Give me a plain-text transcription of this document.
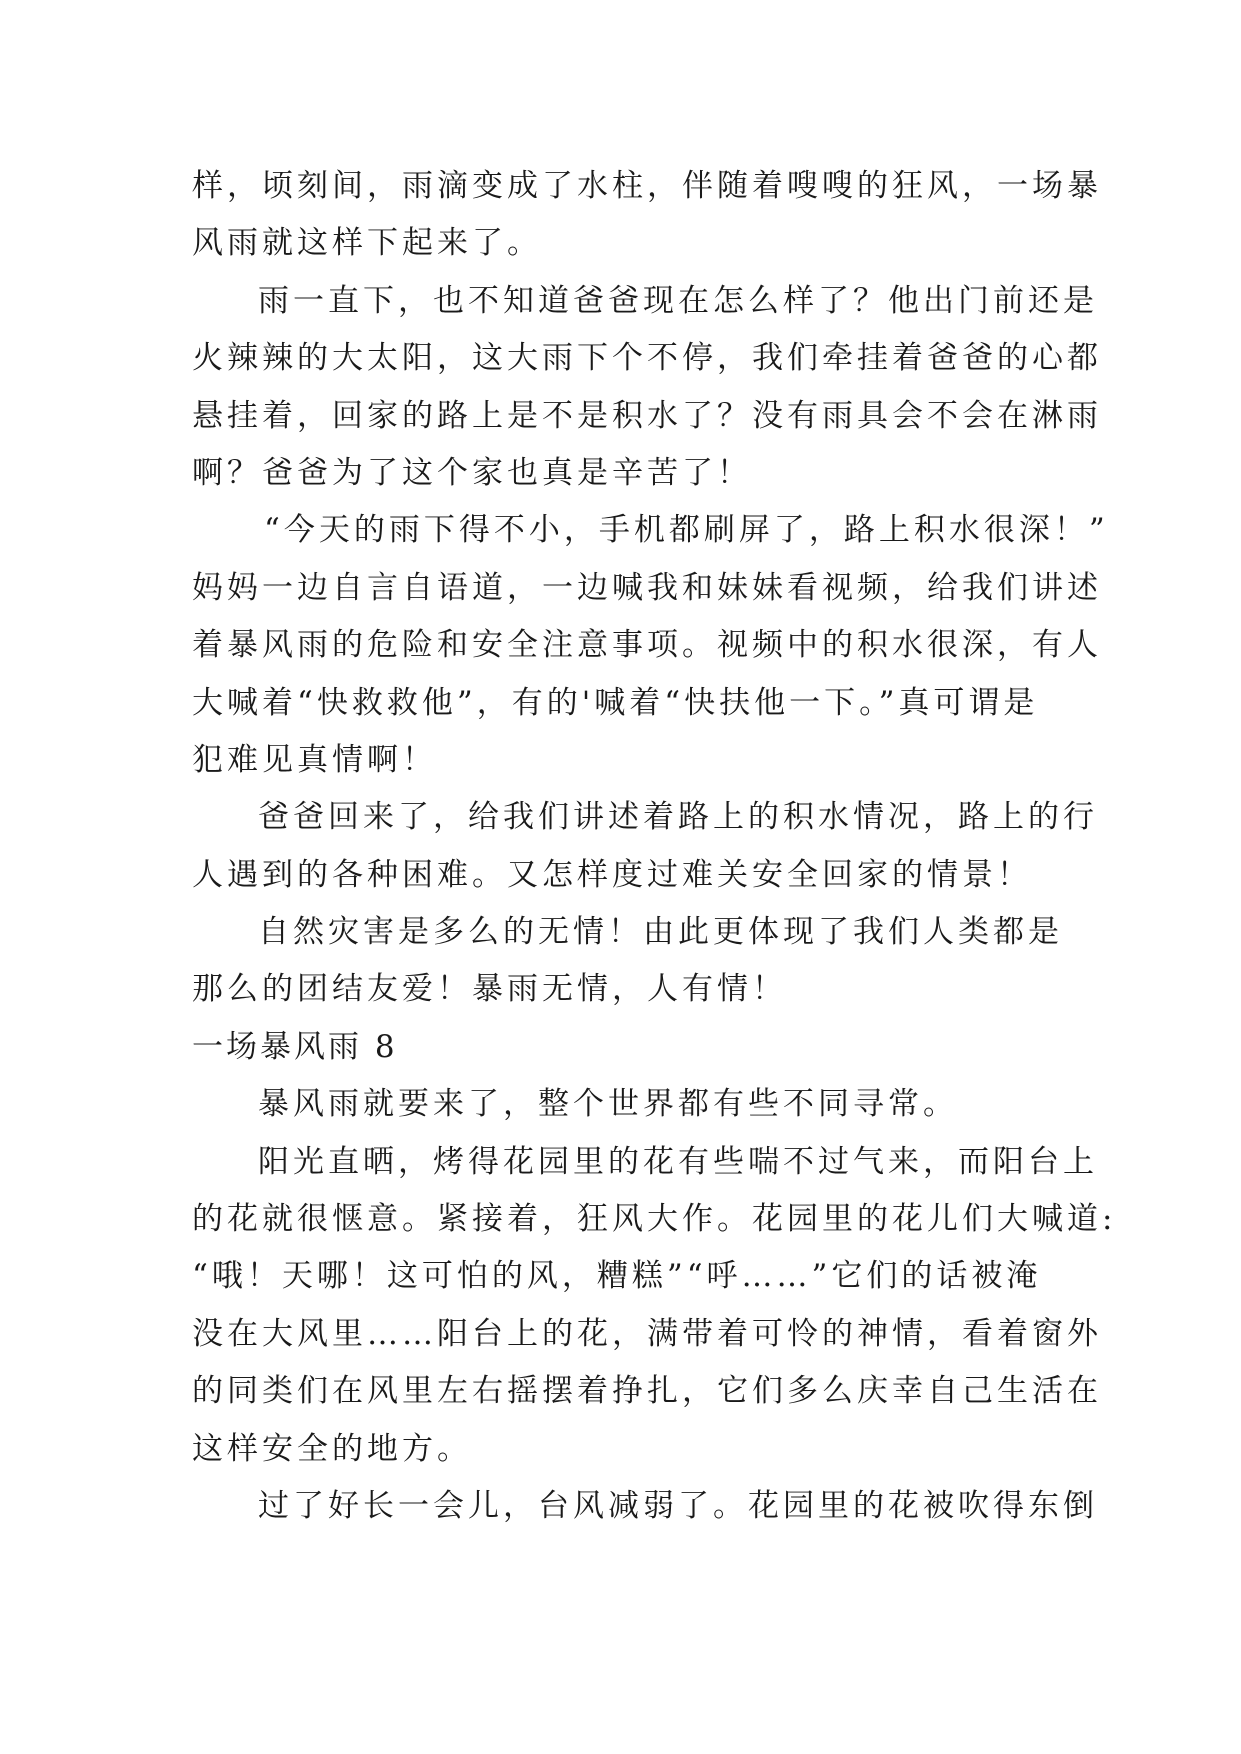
样，顷刻间，雨滴变成了水柱，伴随着嗖嗖的狂风，一场暴
风雨就这样下起来了。
雨一直下，也不知道爸爸现在怎么样了？他出门前还是
火辣辣的大太阳，这大雨下个不停，我们牵挂着爸爸的心都
悬挂着，回家的路上是不是积水了？没有雨具会不会在淋雨
啊？爸爸为了这个家也真是辛苦了！
“今天的雨下得不小，手机都刷屏了，路上积水很深！”
妈妈一边自言自语道，一边喊我和妹妹看视频，给我们讲述
着暴风雨的危险和安全注意事项。视频中的积水很深，有人
大喊着“快救救他”，有的'喊着“快扶他一下。”真可谓是
犯难见真情啊！
爸爸回来了，给我们讲述着路上的积水情况，路上的行
人遇到的各种困难。又怎样度过难关安全回家的情景！
自然灾害是多么的无情！由此更体现了我们人类都是
那么的团结友爱！暴雨无情，人有情！
一场暴风雨 8
暴风雨就要来了，整个世界都有些不同寻常。
阳光直晒，烤得花园里的花有些喘不过气来，而阳台上
的花就很惬意。紧接着，狂风大作。花园里的花儿们大喊道:
“哦！天哪！这可怕的风，糟糕”“呼……”它们的话被淹
没在大风里……阳台上的花，满带着可怜的神情，看着窗外
的同类们在风里左右摇摆着挣扎，它们多么庆幸自己生活在
这样安全的地方。
过了好长一会儿，台风减弱了。花园里的花被吹得东倒
